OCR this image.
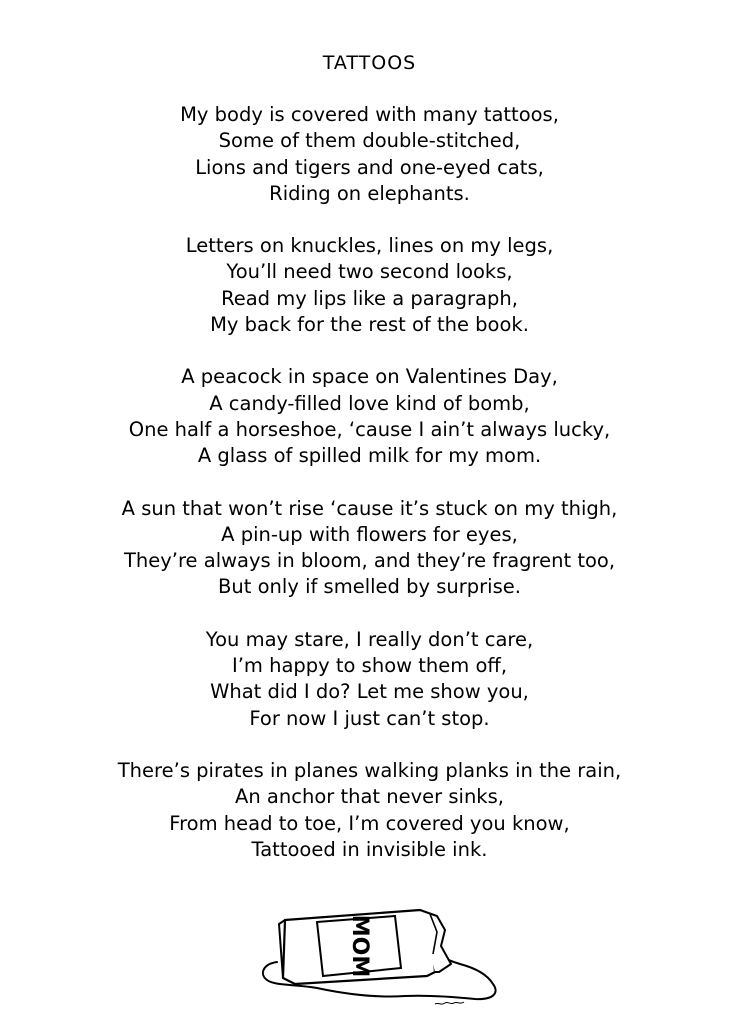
TATTOOS
My body is covered with many tattoos,
Some of them double-stitched,
Lions and tigers and one-eyed cats,
Riding on elephants.
Letters on knuckles, lines on my legs,
You’ll need two second looks,
Read my lips like a paragraph,
My back for the rest of the book.
A peacock in space on Valentines Day,
A candy-filled love kind of bomb,
One half a horseshoe, ‘cause I ain’t always lucky,
A glass of spilled milk for my mom.
A sun that won’t rise ‘cause it’s stuck on my thigh,
A pin-up with flowers for eyes,
They’re always in bloom, and they’re fragrent too,
But only if smelled by surprise.
You may stare, I really don’t care,
I’m happy to show them off,
What did I do? Let me show you,
For now I just can’t stop.
There’s pirates in planes walking planks in the rain,
An anchor that never sinks,
From head to toe, I’m covered you know,
Tattooed in invisible ink.
MOM
